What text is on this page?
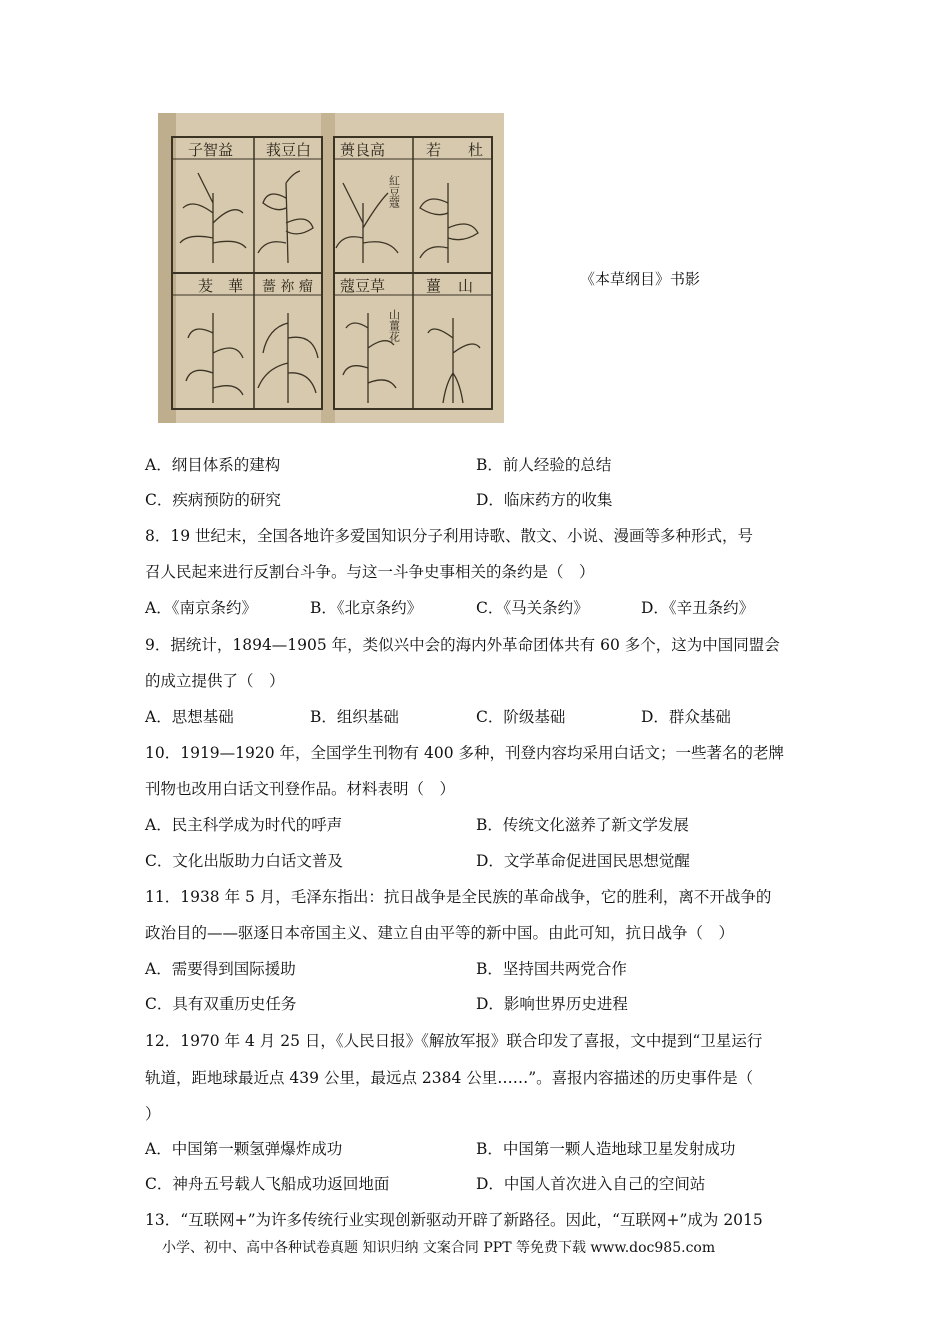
子智益 莪豆白 蒉良高	若 杜
茇 華 薔 祢 瘤 蔻豆草	薑 山
紅豆蔻
山薑花
《本草纲目》书影
A．纲目体系的建构	B．前人经验的总结
C．疾病预防的研究	D．临床药方的收集
8．19 世纪末，全国各地许多爱国知识分子利用诗歌、散文、小说、漫画等多种形式，号
召人民起来进行反割台斗争。与这一斗争史事相关的条约是（　）
A．《南京条约》	B．《北京条约》	C．《马关条约》	D．《辛丑条约》
9．据统计，1894—1905 年，类似兴中会的海内外革命团体共有 60 多个，这为中国同盟会
的成立提供了（　）
A．思想基础	B．组织基础	C．阶级基础	D．群众基础
10．1919—1920 年，全国学生刊物有 400 多种，刊登内容均采用白话文；一些著名的老牌
刊物也改用白话文刊登作品。材料表明（　）
A．民主科学成为时代的呼声	B．传统文化滋养了新文学发展
C．文化出版助力白话文普及	D．文学革命促进国民思想觉醒
11．1938 年 5 月，毛泽东指出：抗日战争是全民族的革命战争，它的胜利，离不开战争的
政治目的——驱逐日本帝国主义、建立自由平等的新中国。由此可知，抗日战争（　）
A．需要得到国际援助	B．坚持国共两党合作
C．具有双重历史任务	D．影响世界历史进程
12．1970 年 4 月 25 日，《人民日报》《解放军报》联合印发了喜报，文中提到“卫星运行
轨道，距地球最近点 439 公里，最远点 2384 公里……”。喜报内容描述的历史事件是（
）
A．中国第一颗氢弹爆炸成功	B．中国第一颗人造地球卫星发射成功
C．神舟五号载人飞船成功返回地面	D．中国人首次进入自己的空间站
13．“互联网+”为许多传统行业实现创新驱动开辟了新路径。因此，“互联网+”成为 2015
小学、初中、高中各种试卷真题 知识归纳 文案合同 PPT 等免费下载 www.doc985.com
